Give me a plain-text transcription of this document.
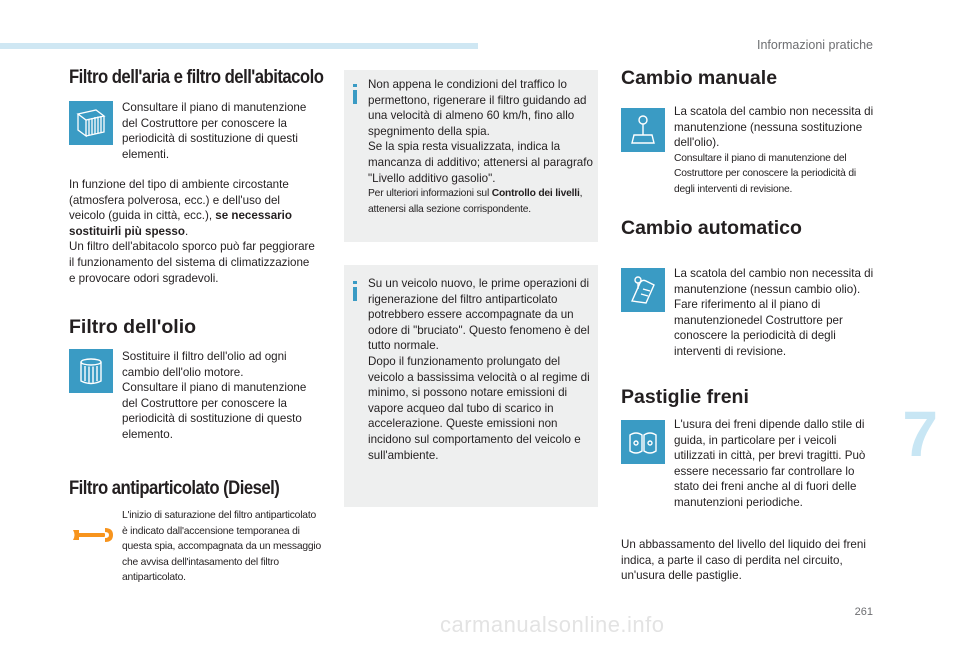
Informazioni pratiche
7
261
carmanualsonline.info
Filtro dell'aria e filtro dell'abitacolo

Consultare il piano di manutenzione del Costruttore per conoscere la periodicità di sostituzione di questi elementi.

In funzione del tipo di ambiente circostante (atmosfera polverosa, ecc.) e dell'uso del veicolo (guida in città, ecc.), se necessario sostituirli più spesso.
Un filtro dell'abitacolo sporco può far peggiorare il funzionamento del sistema di climatizzazione e provocare odori sgradevoli.

Filtro dell'olio

Sostituire il filtro dell'olio ad ogni cambio dell'olio motore.

Consultare il piano di manutenzione del Costruttore per conoscere la periodicità di sostituzione di questo elemento.

Filtro antiparticolato (Diesel)

L'inizio di saturazione del filtro antiparticolato è indicato dall'accensione temporanea di questa spia, accompagnata da un messaggio che avvisa dell'intasamento del filtro antiparticolato.

Non appena le condizioni del traffico lo permettono, rigenerare il filtro guidando ad una velocità di almeno 60 km/h, fino allo spegnimento della spia.

Se la spia resta visualizzata, indica la mancanza di additivo; attenersi al paragrafo "Livello additivo gasolio".

Per ulteriori informazioni sul Controllo dei livelli, attenersi alla sezione corrispondente.

Su un veicolo nuovo, le prime operazioni di rigenerazione del filtro antiparticolato potrebbero essere accompagnate da un odore di "bruciato". Questo fenomeno è del tutto normale.

Dopo il funzionamento prolungato del veicolo a bassissima velocità o al regime di minimo, si possono notare emissioni di vapore acqueo dal tubo di scarico in accelerazione. Queste emissioni non incidono sul comportamento del veicolo e sull'ambiente.

Cambio manuale

La scatola del cambio non necessita di manutenzione (nessuna sostituzione dell'olio).

Consultare il piano di manutenzione del Costruttore per conoscere la periodicità di degli interventi di revisione.

Cambio automatico

La scatola del cambio non necessita di manutenzione (nessun cambio olio).

Fare riferimento al il piano di manutenzionedel Costruttore per conoscere la periodicità di degli interventi di revisione.

Pastiglie freni

L'usura dei freni dipende dallo stile di guida, in particolare per i veicoli utilizzati in città, per brevi tragitti. Può essere necessario far controllare lo stato dei freni anche al di fuori delle manutenzioni periodiche.

Un abbassamento del livello del liquido dei freni indica, a parte il caso di perdita nel circuito, un'usura delle pastiglie.
